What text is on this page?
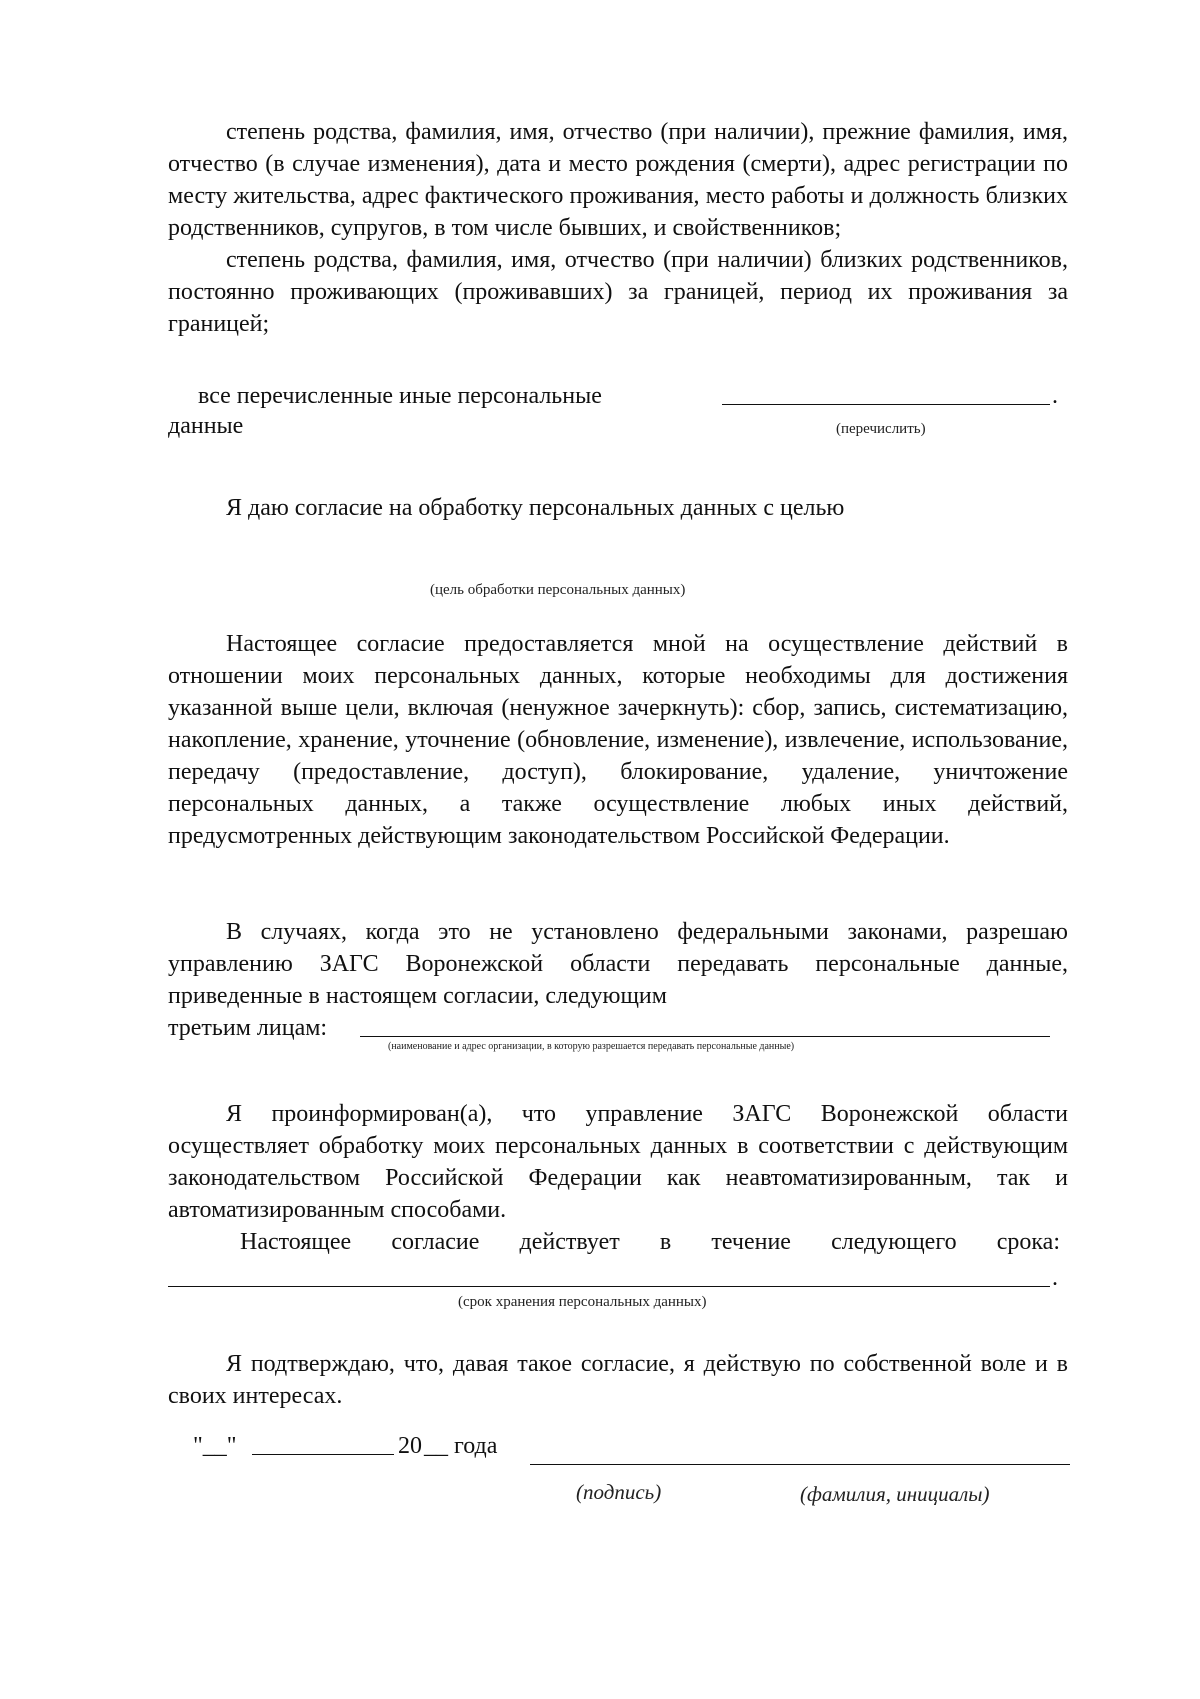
степень родства, фамилия, имя, отчество (при наличии), прежние фамилия, имя, отчество (в случае изменения), дата и место рождения (смерти), адрес регистрации по месту жительства, адрес фактического проживания, место работы и должность близких родственников, супругов, в том числе бывших, и свойственников;

степень родства, фамилия, имя, отчество (при наличии) близких родственников, постоянно проживающих (проживавших) за границей, период их проживания за границей;

все перечисленные иные персональные	.
данные	(перечислить)
Я даю согласие на обработку персональных данных с целью
(цель обработки персональных данных)

Настоящее согласие предоставляется мной на осуществление действий в отношении моих персональных данных, которые необходимы для достижения указанной выше цели, включая (ненужное зачеркнуть): сбор, запись, систематизацию, накопление, хранение, уточнение (обновление, изменение), извлечение, использование, передачу (предоставление, доступ), блокирование, удаление, уничтожение персональных данных, а также осуществление любых иных действий, предусмотренных действующим законодательством Российской Федерации.

В случаях, когда это не установлено федеральными законами, разрешаю управлению ЗАГС Воронежской области передавать персональные данные, приведенные в настоящем согласии, следующим

третьим лицам:
(наименование и адрес организации, в которую разрешается передавать персональные данные)

Я проинформирован(а), что управление ЗАГС Воронежской области осуществляет обработку моих персональных данных в соответствии с действующим законодательством Российской Федерации как неавтоматизированным, так и автоматизированным способами.

Настоящее согласие действует в течение следующего срока:
.
(срок хранения персональных данных)

Я подтверждаю, что, давая такое согласие, я действую по собственной воле и в своих интересах.

"__"	20 __ года
(подпись)	(фамилия, инициалы)
